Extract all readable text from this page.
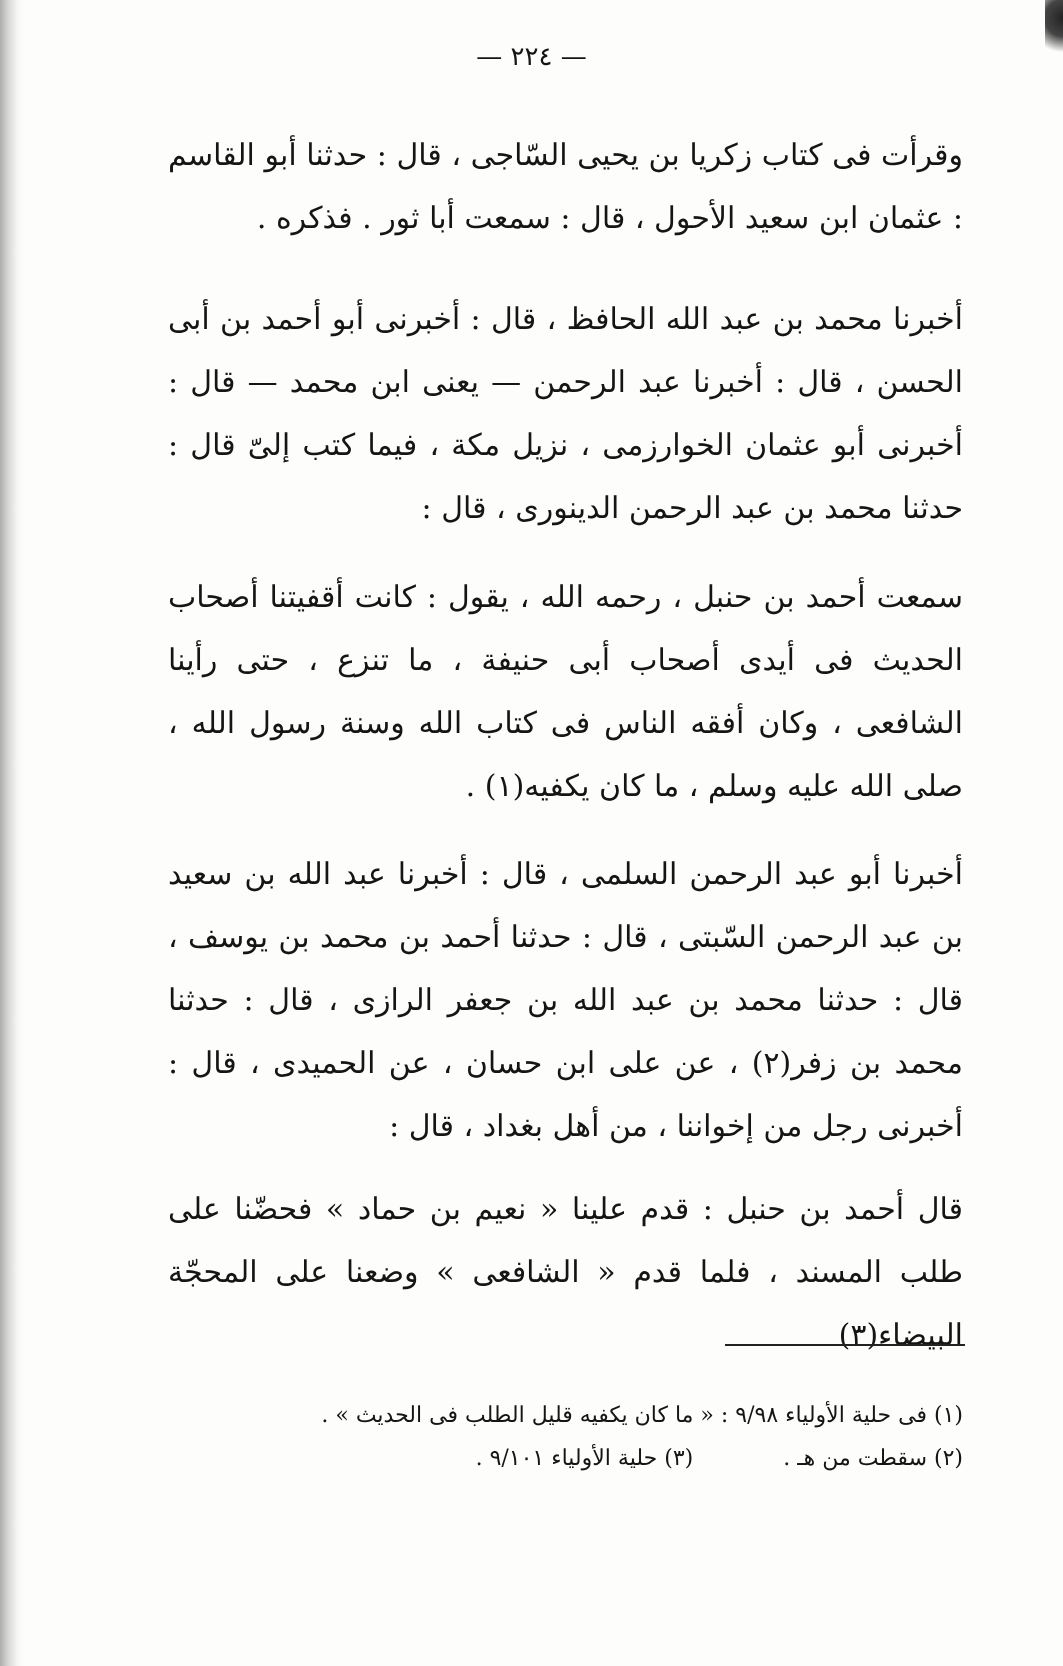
— ٢٢٤ —

وقرأت فى كتاب زكريا بن يحيى السّاجى ، قال : حدثنا أبو القاسم : عثمان ابن سعيد الأحول ، قال : سمعت أبا ثور . فذكره .

أخبرنا محمد بن عبد الله الحافظ ، قال : أخبرنى أبو أحمد بن أبى الحسن ، قال : أخبرنا عبد الرحمن — يعنى ابن محمد — قال : أخبرنى أبو عثمان الخوارزمى ، نزيل مكة ، فيما كتب إلىّ قال : حدثنا محمد بن عبد الرحمن الدينورى ، قال :

سمعت أحمد بن حنبل ، رحمه الله ، يقول : كانت أقفيتنا أصحاب الحديث فى أيدى أصحاب أبى حنيفة ، ما تنزع ، حتى رأينا الشافعى ، وكان أفقه الناس فى كتاب الله وسنة رسول الله ، صلى الله عليه وسلم ، ما كان يكفيه(١) .

أخبرنا أبو عبد الرحمن السلمى ، قال : أخبرنا عبد الله بن سعيد بن عبد الرحمن السّبتى ، قال : حدثنا أحمد بن محمد بن يوسف ، قال : حدثنا محمد بن عبد الله بن جعفر الرازى ، قال : حدثنا محمد بن زفر(٢) ، عن على ابن حسان ، عن الحميدى ، قال : أخبرنى رجل من إخواننا ، من أهل بغداد ، قال :

قال أحمد بن حنبل : قدم علينا « نعيم بن حماد » فحضّنا على طلب المسند ، فلما قدم « الشافعى » وضعنا على المحجّة البيضاء(٣)

(١) فى حلية الأولياء ٩/٩٨ : « ما كان يكفيه قليل الطلب فى الحديث » .
(٢) سقطت من هـ .
(٣) حلية الأولياء ٩/١٠١ .
